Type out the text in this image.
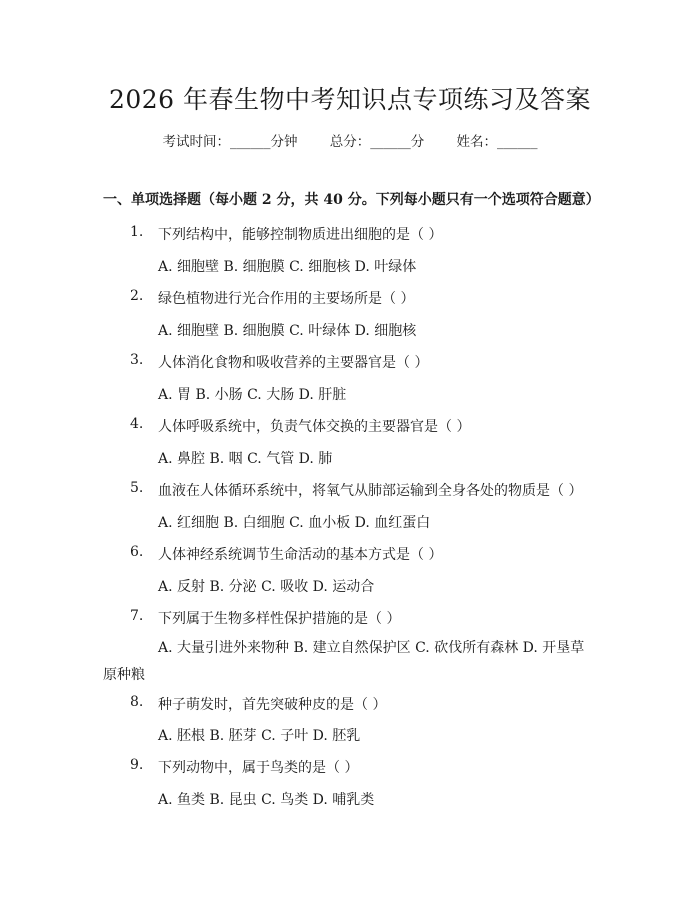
2026 年春生物中考知识点专项练习及答案
考试时间：______分钟 总分：______分 姓名：______
一、单项选择题（每小题 2 分，共 40 分。下列每小题只有一个选项符合题意）
1. 下列结构中，能够控制物质进出细胞的是（ ）
A. 细胞壁 B. 细胞膜 C. 细胞核 D. 叶绿体
2. 绿色植物进行光合作用的主要场所是（ ）
A. 细胞壁 B. 细胞膜 C. 叶绿体 D. 细胞核
3. 人体消化食物和吸收营养的主要器官是（ ）
A. 胃 B. 小肠 C. 大肠 D. 肝脏
4. 人体呼吸系统中，负责气体交换的主要器官是（ ）
A. 鼻腔 B. 咽 C. 气管 D. 肺
5. 血液在人体循环系统中，将氧气从肺部运输到全身各处的物质是（ ）
A. 红细胞 B. 白细胞 C. 血小板 D. 血红蛋白
6. 人体神经系统调节生命活动的基本方式是（ ）
A. 反射 B. 分泌 C. 吸收 D. 运动合
7. 下列属于生物多样性保护措施的是（ ）
A. 大量引进外来物种 B. 建立自然保护区 C. 砍伐所有森林 D. 开垦草原种粮
8. 种子萌发时，首先突破种皮的是（ ）
A. 胚根 B. 胚芽 C. 子叶 D. 胚乳
9. 下列动物中，属于鸟类的是（ ）
A. 鱼类 B. 昆虫 C. 鸟类 D. 哺乳类
